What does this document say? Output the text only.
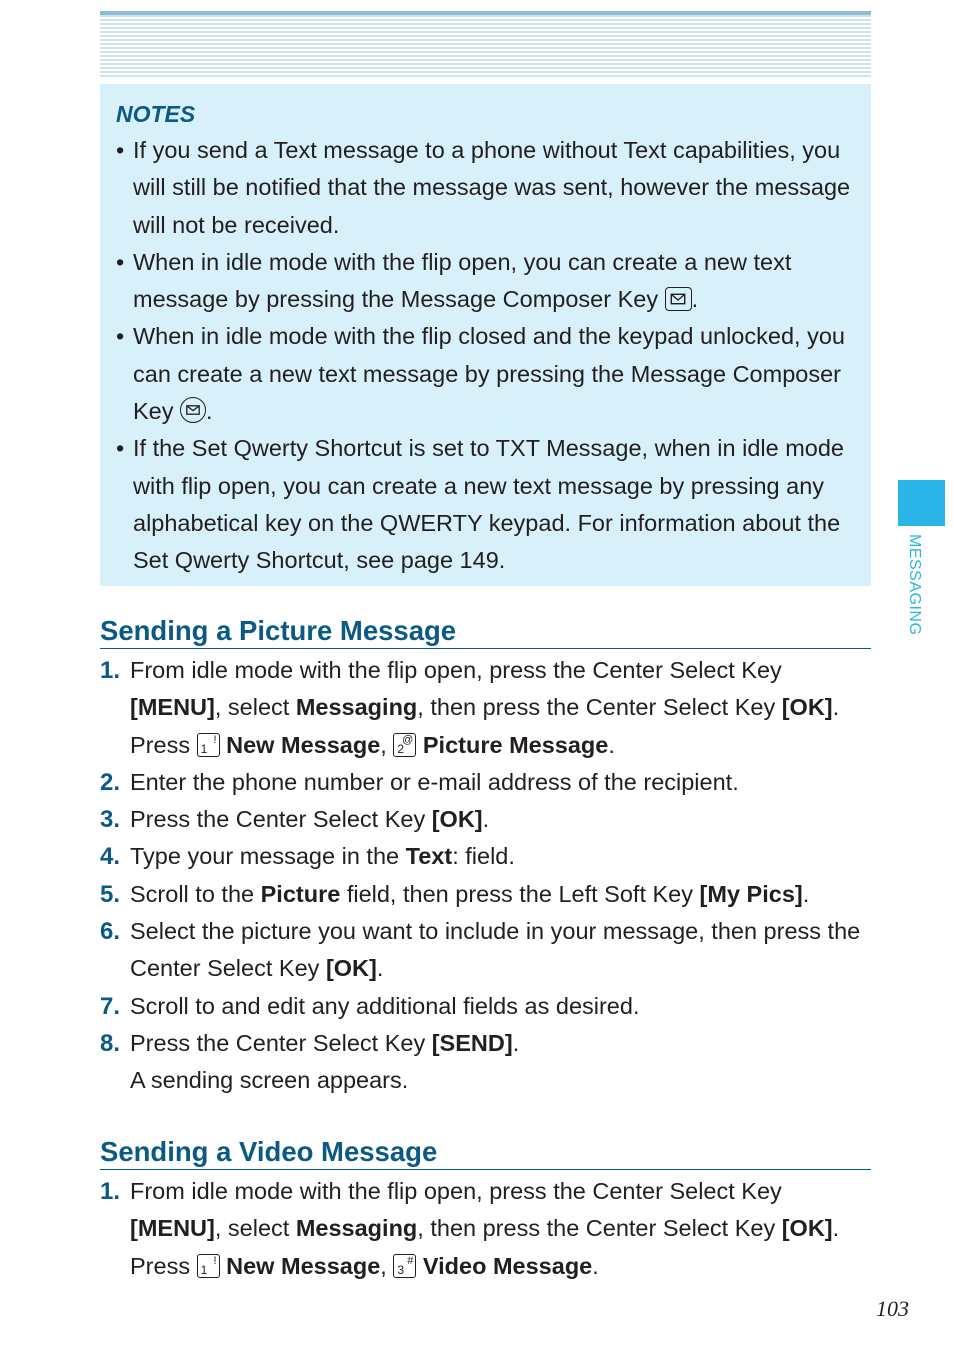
NOTES

• If you send a Text message to a phone without Text capabilities, you will still be notified that the message was sent, however the message will not be received.

• When in idle mode with the flip open, you can create a new text message by pressing the Message Composer Key .

• When in idle mode with the flip closed and the keypad unlocked, you can create a new text message by pressing the Message Composer Key .

• If the Set Qwerty Shortcut is set to TXT Message, when in idle mode with flip open, you can create a new text message by pressing any alphabetical key on the QWERTY keypad. For information about the Set Qwerty Shortcut, see page 149.

Sending a Picture Message

1. From idle mode with the flip open, press the Center Select Key [MENU], select Messaging, then press the Center Select Key [OK]. Press 1
! New Message, 2
@ Picture Message.

2. Enter the phone number or e-mail address of the recipient.

3. Press the Center Select Key [OK].

4. Type your message in the Text: field.

5. Scroll to the Picture field, then press the Left Soft Key [My Pics].

6. Select the picture you want to include in your message, then press the Center Select Key [OK].

7. Scroll to and edit any additional fields as desired.

8. Press the Center Select Key [SEND].
A sending screen appears.

Sending a Video Message

1. From idle mode with the flip open, press the Center Select Key [MENU], select Messaging, then press the Center Select Key [OK]. Press 1
! New Message, 3
# Video Message.

MESSAGING
103
